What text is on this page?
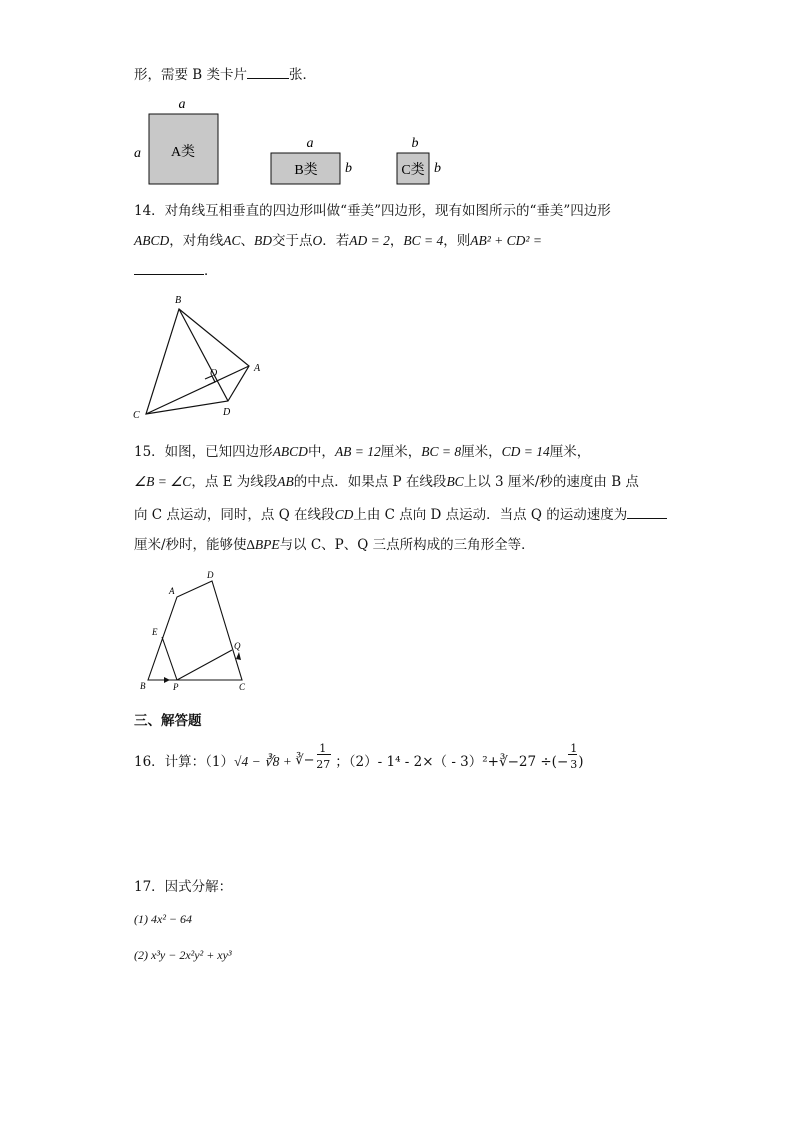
形，需要 B 类卡片	张．
a
a A类
a
b
B类
b
b
C类
14．对角线互相垂直的四边形叫做“垂美”四边形，现有如图所示的“垂美”四边形
ABCD，对角线AC、BD交于点O．若AD = 2，BC = 4，则AB² + CD² =
．
B
A
C	D
O
15．如图，已知四边形ABCD中，AB = 12厘米，BC = 8厘米，CD = 14厘米，
∠B = ∠C，点 E 为线段AB的中点．如果点 P 在线段BC上以 3 厘米/秒的速度由 B 点
向 C 点运动，同时，点 Q 在线段CD上由 C 点向 D 点运动．当点 Q 的运动速度为
厘米/秒时，能够使∆BPE与以 C、P、Q 三点所构成的三角形全等．
B	P	C
E
A
D
Q
三、解答题
16．计算：（1）√4 − ∛8 + ∛−
1
27 ；（2）- 1⁴ - 2×（ - 3）²+∛−27 ÷(− $\frac{1}{3}$ )
17．因式分解：
(1) 4x² − 64
(2) x³y − 2x²y² + xy³
